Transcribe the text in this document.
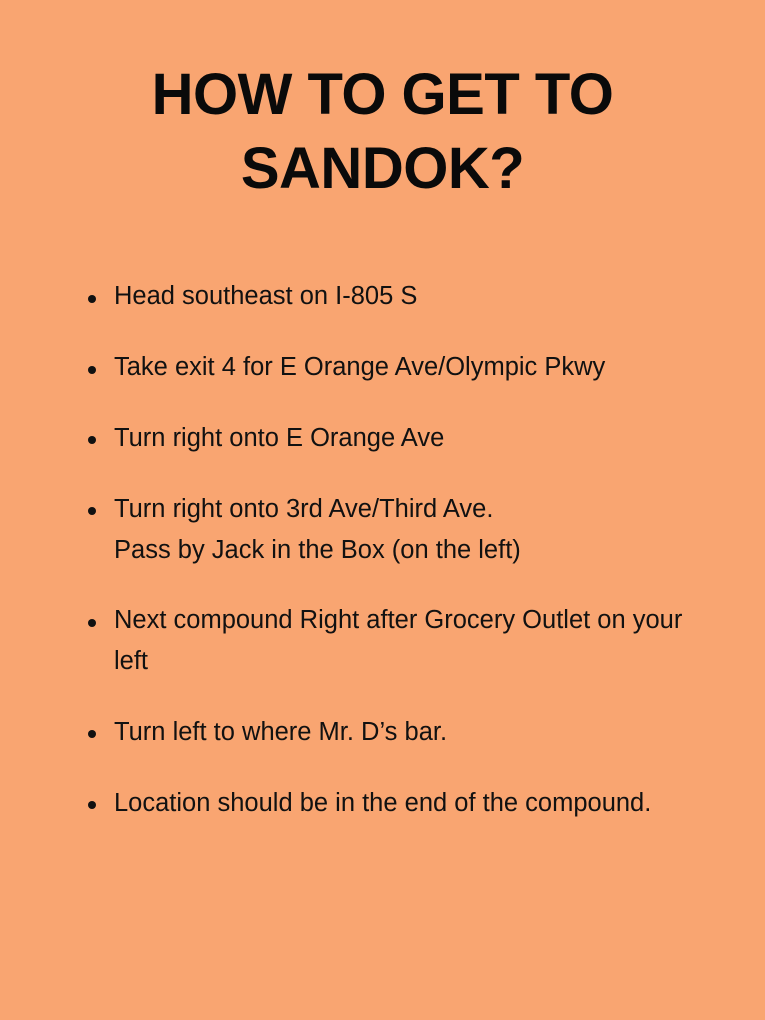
HOW TO GET TO SANDOK?
Head southeast on I-805 S
Take exit 4 for E Orange Ave/Olympic Pkwy
Turn right onto E Orange Ave
Turn right onto 3rd Ave/Third Ave.
Pass by Jack in the Box (on the left)
Next compound Right after Grocery Outlet on your left
Turn left to where Mr. D’s bar.
Location should be in the end of the compound.
